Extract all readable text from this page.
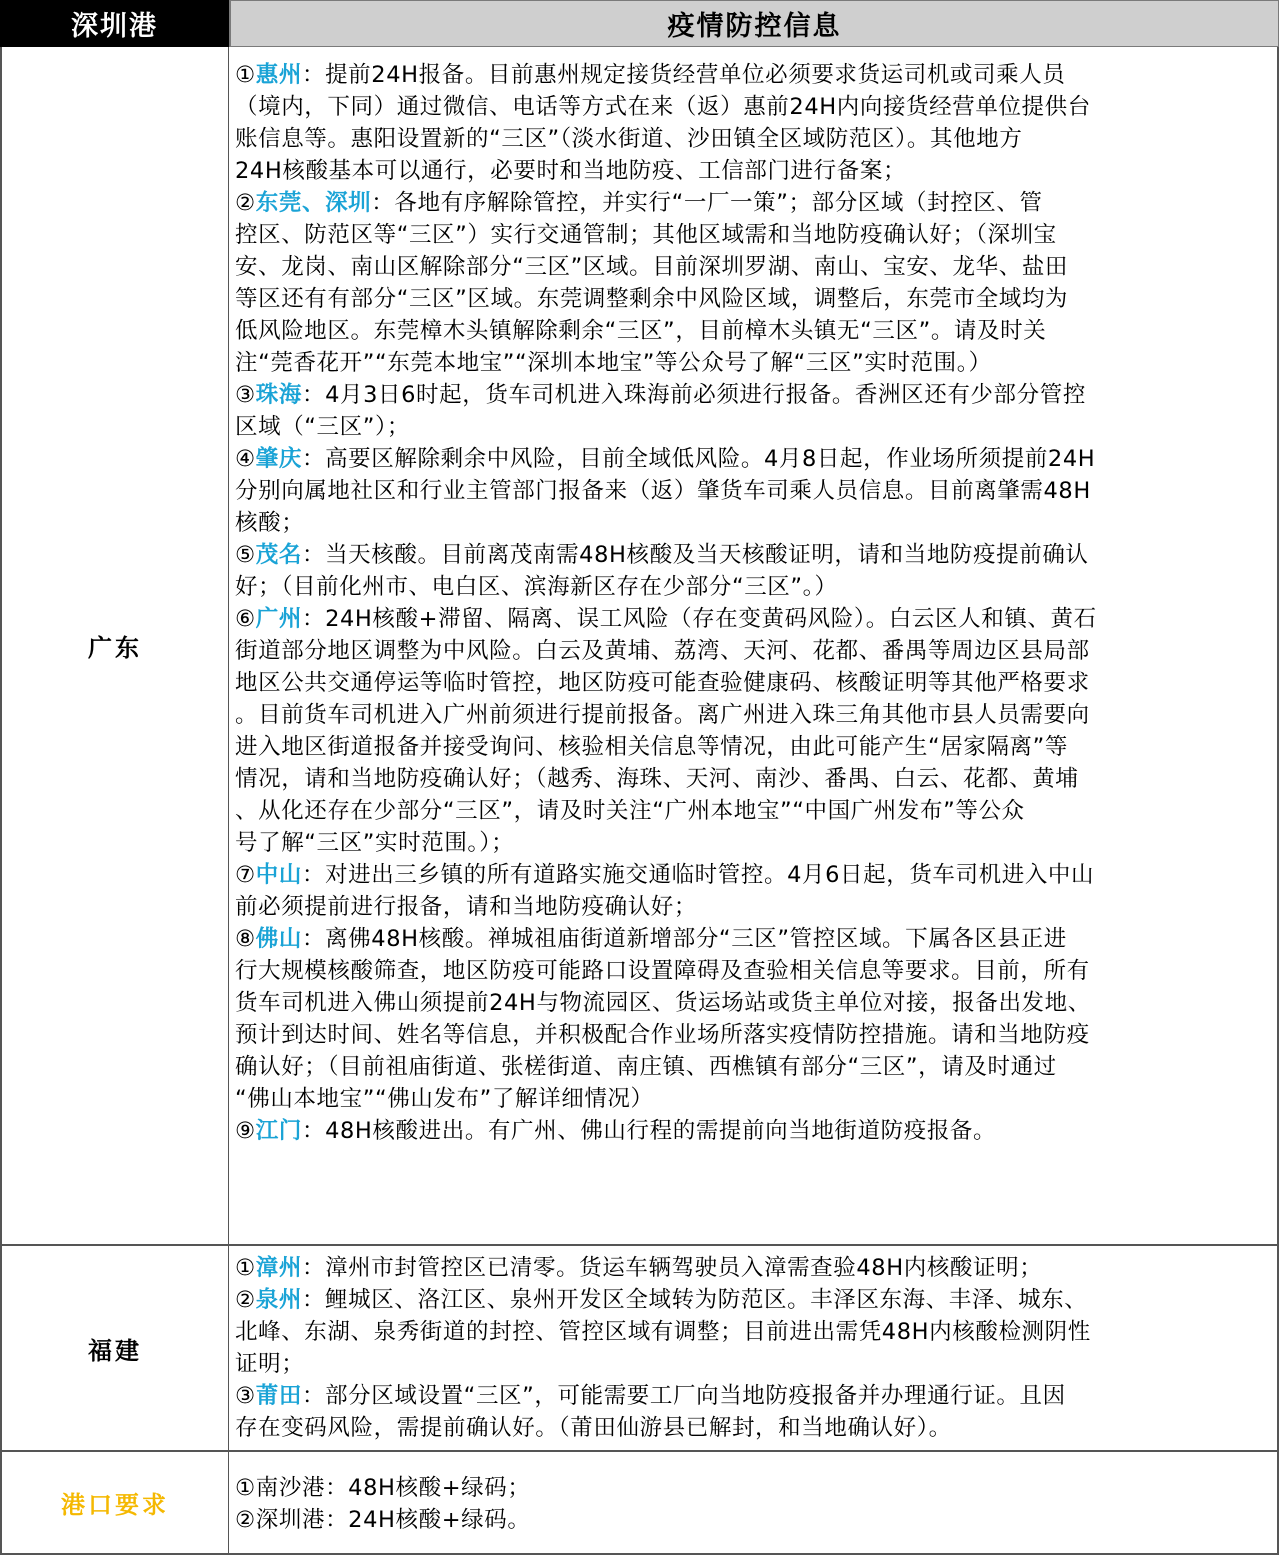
深圳港	疫情防控信息
广东
①惠州：提前24H报备。目前惠州规定接货经营单位必须要求货运司机或司乘人员
（境内，下同）通过微信、电话等方式在来（返）惠前24H内向接货经营单位提供台
账信息等。惠阳设置新的“三区”（淡水街道、沙田镇全区域防范区）。其他地方
24H核酸基本可以通行，必要时和当地防疫、工信部门进行备案；
②东莞、深圳：各地有序解除管控，并实行“一厂一策”；部分区域（封控区、管
控区、防范区等“三区”）实行交通管制；其他区域需和当地防疫确认好；（深圳宝
安、龙岗、南山区解除部分“三区”区域。目前深圳罗湖、南山、宝安、龙华、盐田
等区还有有部分“三区”区域。东莞调整剩余中风险区域，调整后，东莞市全域均为
低风险地区。东莞樟木头镇解除剩余“三区”，目前樟木头镇无“三区”。请及时关
注“莞香花开”“东莞本地宝”“深圳本地宝”等公众号了解“三区”实时范围。）
③珠海：4月3日6时起，货车司机进入珠海前必须进行报备。香洲区还有少部分管控
区域（“三区”）；
④肇庆：高要区解除剩余中风险，目前全域低风险。4月8日起，作业场所须提前24H
分别向属地社区和行业主管部门报备来（返）肇货车司乘人员信息。目前离肇需48H
核酸；
⑤茂名：当天核酸。目前离茂南需48H核酸及当天核酸证明，请和当地防疫提前确认
好；（目前化州市、电白区、滨海新区存在少部分“三区”。）
⑥广州：24H核酸+滞留、隔离、误工风险（存在变黄码风险）。白云区人和镇、黄石
街道部分地区调整为中风险。白云及黄埔、荔湾、天河、花都、番禺等周边区县局部
地区公共交通停运等临时管控，地区防疫可能查验健康码、核酸证明等其他严格要求
。目前货车司机进入广州前须进行提前报备。离广州进入珠三角其他市县人员需要向
进入地区街道报备并接受询问、核验相关信息等情况，由此可能产生“居家隔离”等
情况，请和当地防疫确认好；（越秀、海珠、天河、南沙、番禺、白云、花都、黄埔
、从化还存在少部分“三区”，请及时关注“广州本地宝”“中国广州发布”等公众
号了解“三区”实时范围。）；
⑦中山：对进出三乡镇的所有道路实施交通临时管控。4月6日起，货车司机进入中山
前必须提前进行报备，请和当地防疫确认好；
⑧佛山：离佛48H核酸。禅城祖庙街道新增部分“三区”管控区域。下属各区县正进
行大规模核酸筛查，地区防疫可能路口设置障碍及查验相关信息等要求。目前，所有
货车司机进入佛山须提前24H与物流园区、货运场站或货主单位对接，报备出发地、
预计到达时间、姓名等信息，并积极配合作业场所落实疫情防控措施。请和当地防疫
确认好；（目前祖庙街道、张槎街道、南庄镇、西樵镇有部分“三区”，请及时通过
“佛山本地宝”“佛山发布”了解详细情况）
⑨江门：48H核酸进出。有广州、佛山行程的需提前向当地街道防疫报备。
福建
①漳州：漳州市封管控区已清零。货运车辆驾驶员入漳需查验48H内核酸证明；
②泉州：鲤城区、洛江区、泉州开发区全域转为防范区。丰泽区东海、丰泽、城东、
北峰、东湖、泉秀街道的封控、管控区域有调整；目前进出需凭48H内核酸检测阴性
证明；
③莆田：部分区域设置“三区”，可能需要工厂向当地防疫报备并办理通行证。且因
存在变码风险，需提前确认好。（莆田仙游县已解封，和当地确认好）。
港口要求
①南沙港：48H核酸+绿码；
②深圳港：24H核酸+绿码。
